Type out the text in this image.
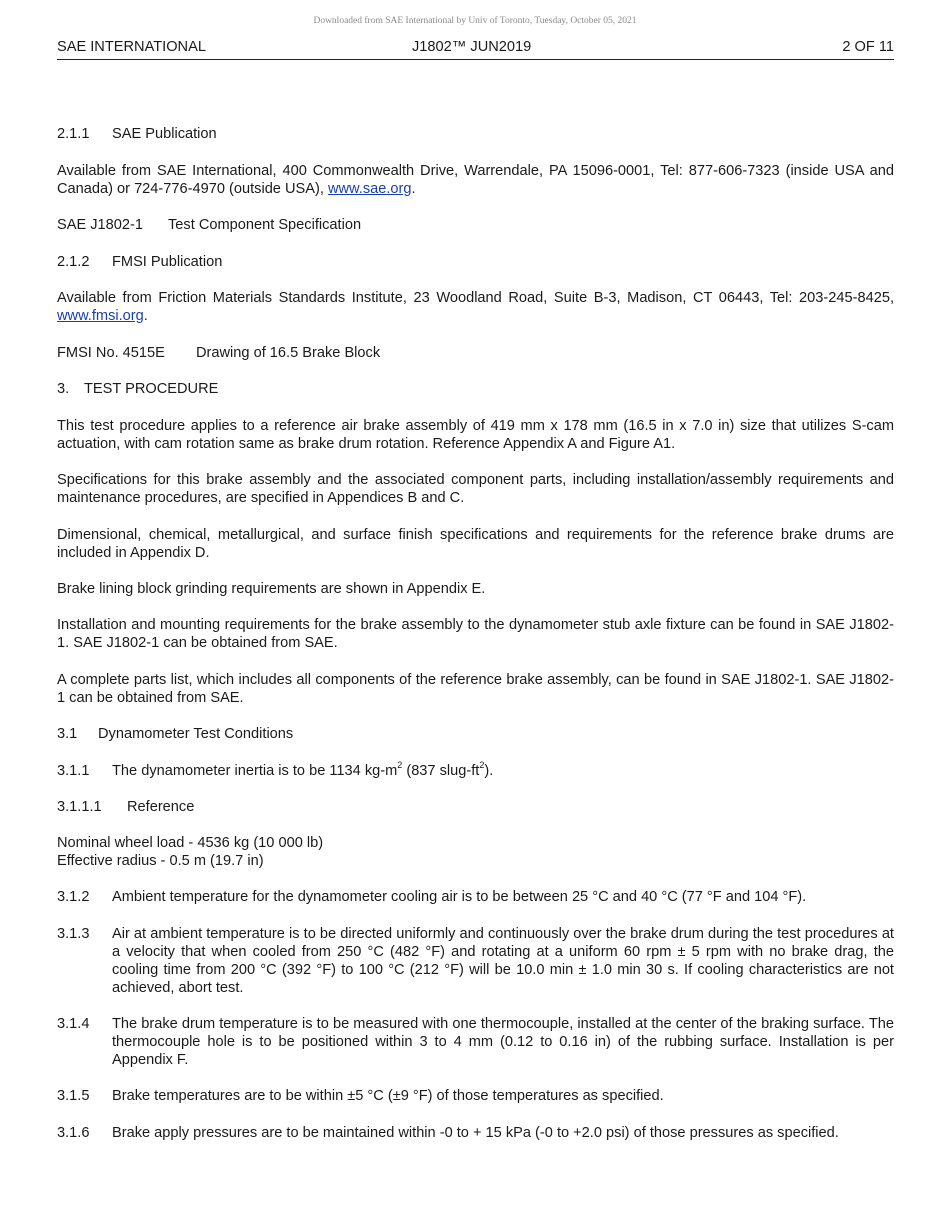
Downloaded from SAE International by Univ of Toronto, Tuesday, October 05, 2021
SAE INTERNATIONAL	J1802™ JUN2019	2 OF 11
2.1.1 SAE Publication

Available from SAE International, 400 Commonwealth Drive, Warrendale, PA 15096-0001, Tel: 877-606-7323 (inside USA and Canada) or 724-776-4970 (outside USA), www.sae.org.

SAE J1802-1 Test Component Specification
2.1.2 FMSI Publication

Available from Friction Materials Standards Institute, 23 Woodland Road, Suite B-3, Madison, CT 06443, Tel: 203-245-8425, www.fmsi.org.

FMSI No. 4515E Drawing of 16.5 Brake Block
3. TEST PROCEDURE

This test procedure applies to a reference air brake assembly of 419 mm x 178 mm (16.5 in x 7.0 in) size that utilizes S-cam actuation, with cam rotation same as brake drum rotation. Reference Appendix A and Figure A1.

Specifications for this brake assembly and the associated component parts, including installation/assembly requirements and maintenance procedures, are specified in Appendices B and C.

Dimensional, chemical, metallurgical, and surface finish specifications and requirements for the reference brake drums are included in Appendix D.

Brake lining block grinding requirements are shown in Appendix E.

Installation and mounting requirements for the brake assembly to the dynamometer stub axle fixture can be found in SAE J1802-1. SAE J1802-1 can be obtained from SAE.

A complete parts list, which includes all components of the reference brake assembly, can be found in SAE J1802-1. SAE J1802-1 can be obtained from SAE.

3.1 Dynamometer Test Conditions
3.1.1 The dynamometer inertia is to be 1134 $kg-m^2$ (837 slug-$ft^2$).
3.1.1.1 Reference
Nominal wheel load - 4536 kg (10 000 lb)
Effective radius - 0.5 m (19.7 in)
3.1.2 Ambient temperature for the dynamometer cooling air is to be between 25 °C and 40 °C (77 °F and 104 °F).
3.1.3 Air at ambient temperature is to be directed uniformly and continuously over the brake drum during the test procedures at a velocity that when cooled from 250 °C (482 °F) and rotating at a uniform 60 rpm ± 5 rpm with no brake drag, the cooling time from 200 °C (392 °F) to 100 °C (212 °F) will be 10.0 min ± 1.0 min 30 s. If cooling characteristics are not achieved, abort test.
3.1.4 The brake drum temperature is to be measured with one thermocouple, installed at the center of the braking surface. The thermocouple hole is to be positioned within 3 to 4 mm (0.12 to 0.16 in) of the rubbing surface. Installation is per Appendix F.
3.1.5 Brake temperatures are to be within ±5 °C (±9 °F) of those temperatures as specified.
3.1.6 Brake apply pressures are to be maintained within -0 to + 15 kPa (-0 to +2.0 psi) of those pressures as specified.
